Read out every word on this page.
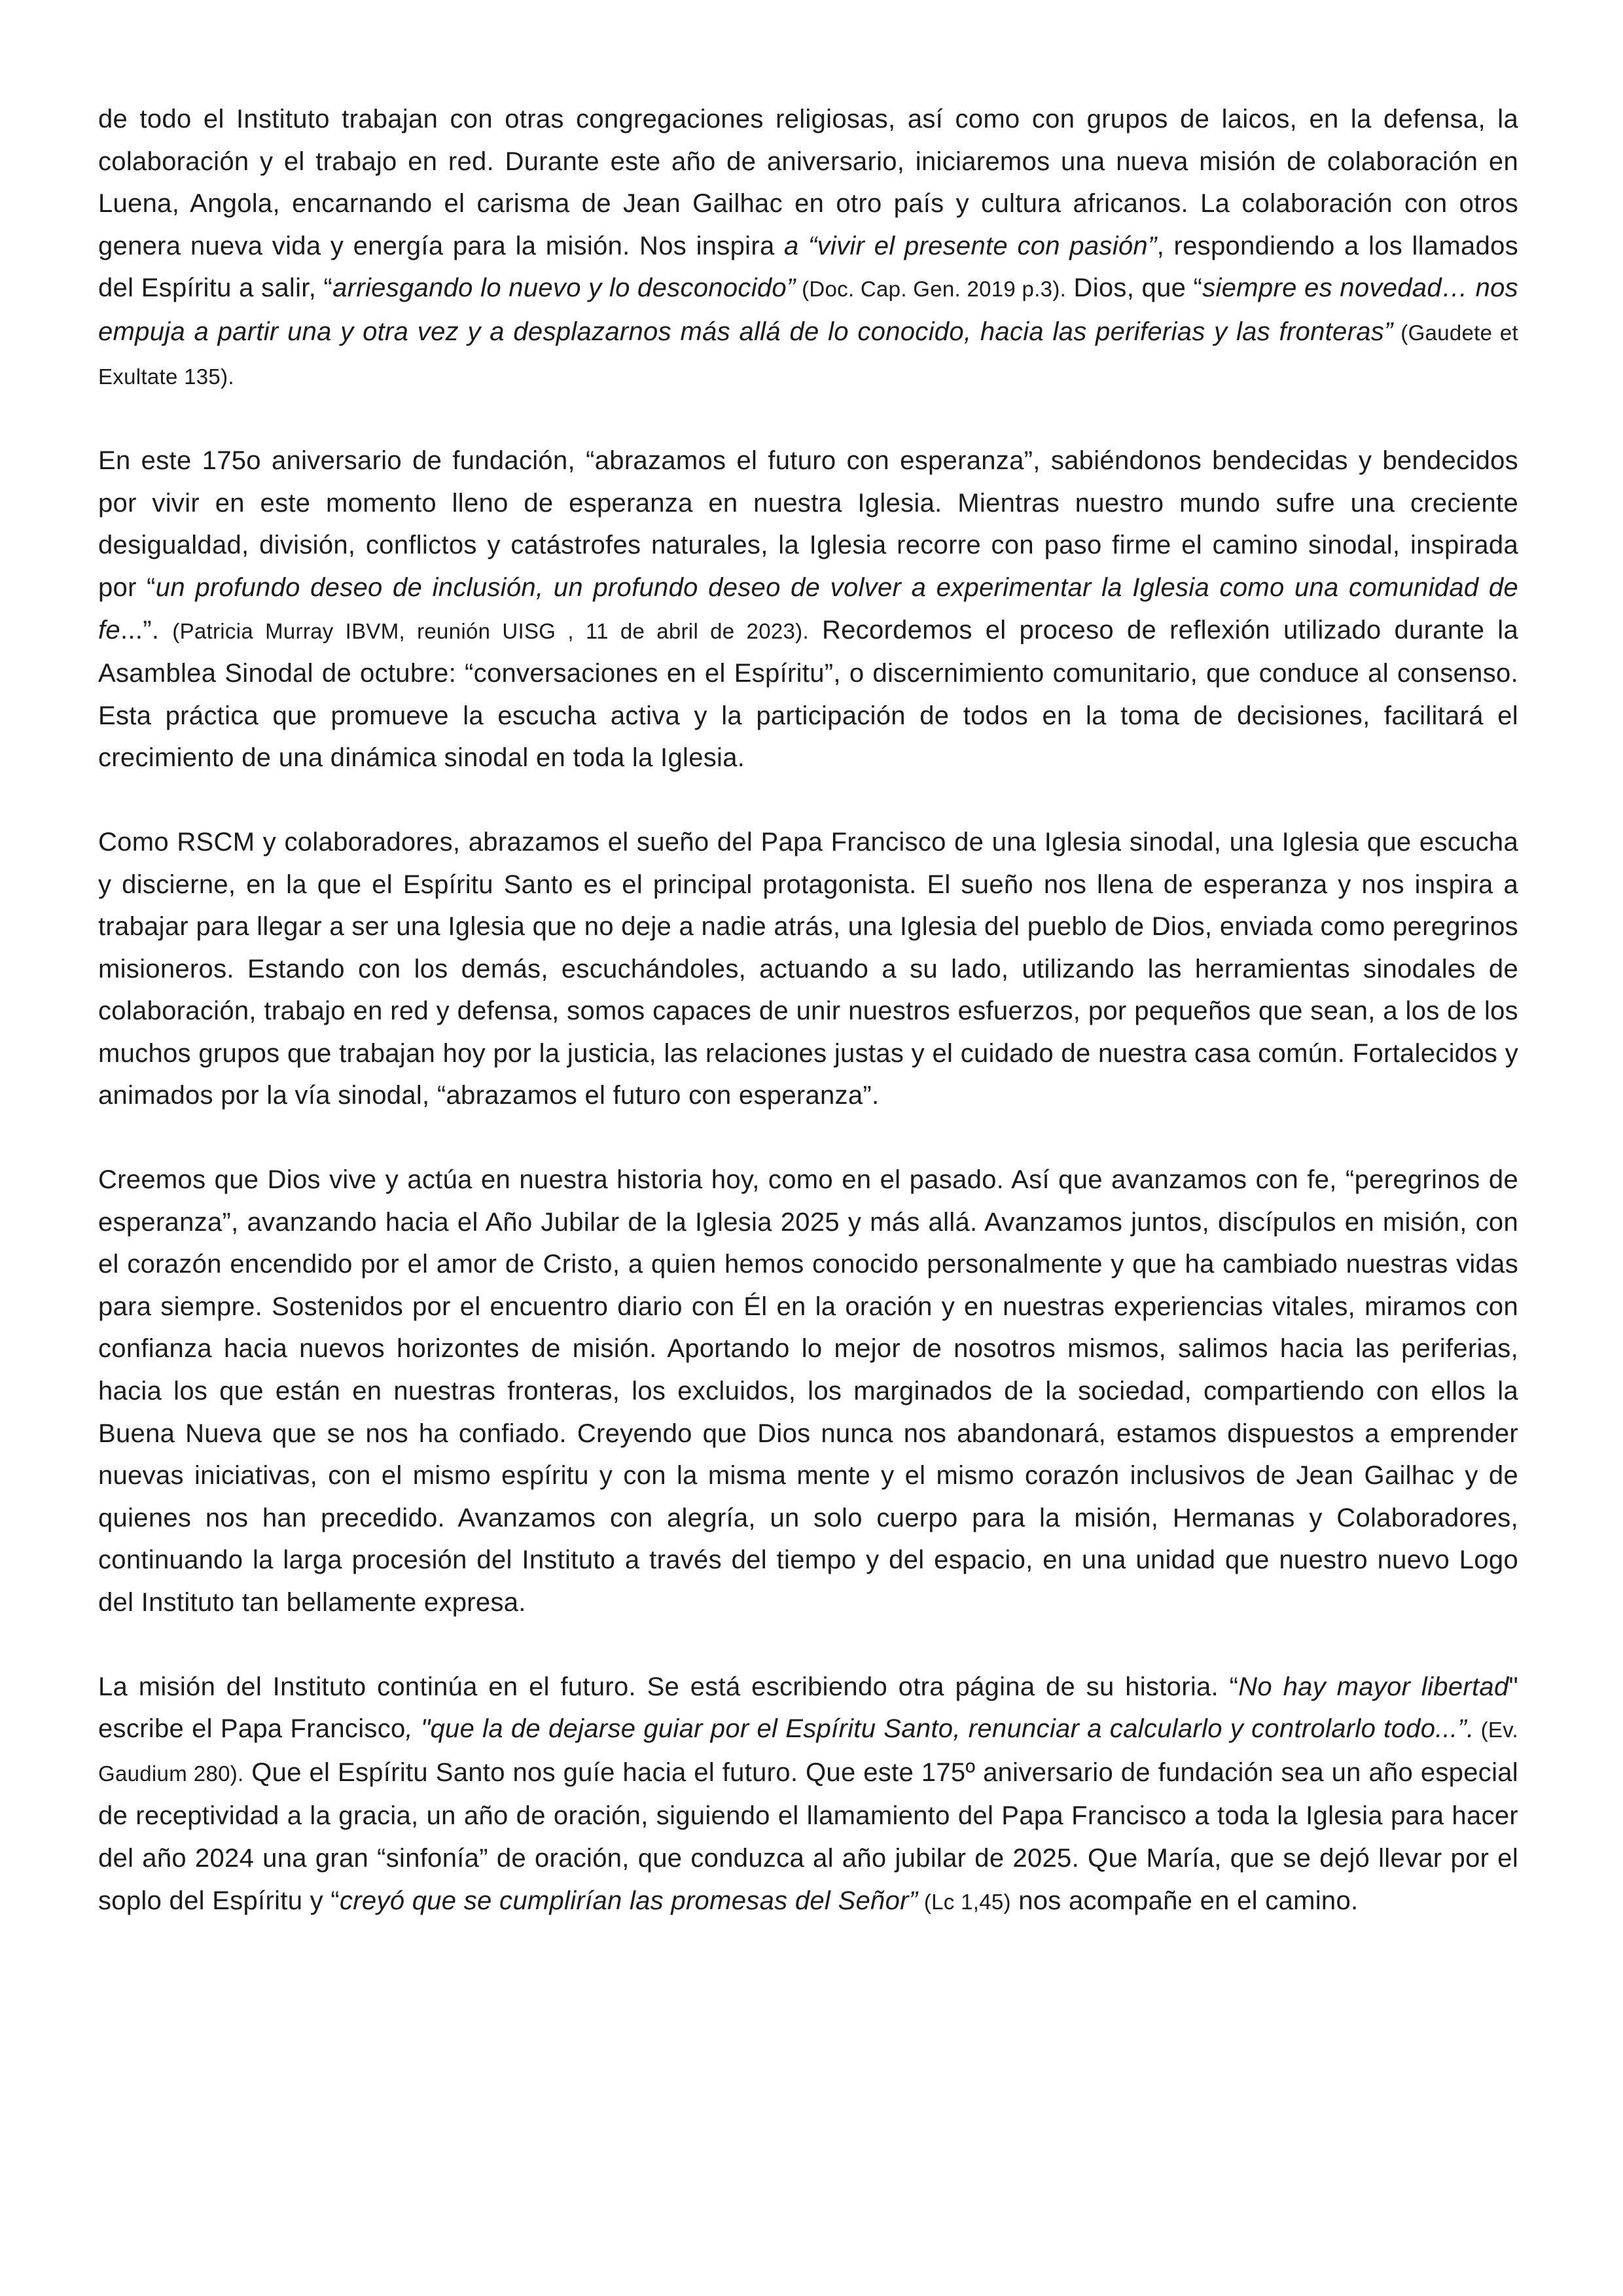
de todo el Instituto trabajan con otras congregaciones religiosas, así como con grupos de laicos, en la defensa, la colaboración y el trabajo en red. Durante este año de aniversario, iniciaremos una nueva misión de colaboración en Luena, Angola, encarnando el carisma de Jean Gailhac en otro país y cultura africanos. La colaboración con otros genera nueva vida y energía para la misión. Nos inspira a “vivir el presente con pasión”, respondiendo a los llamados del Espíritu a salir, “arriesgando lo nuevo y lo desconocido” (Doc. Cap. Gen. 2019 p.3). Dios, que “siempre es novedad… nos empuja a partir una y otra vez y a desplazarnos más allá de lo conocido, hacia las periferias y las fronteras” (Gaudete et Exultate 135).

En este 175o aniversario de fundación, “abrazamos el futuro con esperanza”, sabiéndonos bendecidas y bendecidos por vivir en este momento lleno de esperanza en nuestra Iglesia. Mientras nuestro mundo sufre una creciente desigualdad, división, conflictos y catástrofes naturales, la Iglesia recorre con paso firme el camino sinodal, inspirada por “un profundo deseo de inclusión, un profundo deseo de volver a experimentar la Iglesia como una comunidad de fe...”. (Patricia Murray IBVM, reunión UISG , 11 de abril de 2023). Recordemos el proceso de reflexión utilizado durante la Asamblea Sinodal de octubre: “conversaciones en el Espíritu”, o discernimiento comunitario, que conduce al consenso. Esta práctica que promueve la escucha activa y la participación de todos en la toma de decisiones, facilitará el crecimiento de una dinámica sinodal en toda la Iglesia.

Como RSCM y colaboradores, abrazamos el sueño del Papa Francisco de una Iglesia sinodal, una Iglesia que escucha y discierne, en la que el Espíritu Santo es el principal protagonista. El sueño nos llena de esperanza y nos inspira a trabajar para llegar a ser una Iglesia que no deje a nadie atrás, una Iglesia del pueblo de Dios, enviada como peregrinos misioneros. Estando con los demás, escuchándoles, actuando a su lado, utilizando las herramientas sinodales de colaboración, trabajo en red y defensa, somos capaces de unir nuestros esfuerzos, por pequeños que sean, a los de los muchos grupos que trabajan hoy por la justicia, las relaciones justas y el cuidado de nuestra casa común. Fortalecidos y animados por la vía sinodal, “abrazamos el futuro con esperanza”.

Creemos que Dios vive y actúa en nuestra historia hoy, como en el pasado. Así que avanzamos con fe, “peregrinos de esperanza”, avanzando hacia el Año Jubilar de la Iglesia 2025 y más allá. Avanzamos juntos, discípulos en misión, con el corazón encendido por el amor de Cristo, a quien hemos conocido personalmente y que ha cambiado nuestras vidas para siempre. Sostenidos por el encuentro diario con Él en la oración y en nuestras experiencias vitales, miramos con confianza hacia nuevos horizontes de misión. Aportando lo mejor de nosotros mismos, salimos hacia las periferias, hacia los que están en nuestras fronteras, los excluidos, los marginados de la sociedad, compartiendo con ellos la Buena Nueva que se nos ha confiado. Creyendo que Dios nunca nos abandonará, estamos dispuestos a emprender nuevas iniciativas, con el mismo espíritu y con la misma mente y el mismo corazón inclusivos de Jean Gailhac y de quienes nos han precedido. Avanzamos con alegría, un solo cuerpo para la misión, Hermanas y Colaboradores, continuando la larga procesión del Instituto a través del tiempo y del espacio, en una unidad que nuestro nuevo Logo del Instituto tan bellamente expresa.

La misión del Instituto continúa en el futuro. Se está escribiendo otra página de su historia. “No hay mayor libertad" escribe el Papa Francisco, "que la de dejarse guiar por el Espíritu Santo, renunciar a calcularlo y controlarlo todo...”. (Ev. Gaudium 280). Que el Espíritu Santo nos guíe hacia el futuro. Que este 175º aniversario de fundación sea un año especial de receptividad a la gracia, un año de oración, siguiendo el llamamiento del Papa Francisco a toda la Iglesia para hacer del año 2024 una gran “sinfonía” de oración, que conduzca al año jubilar de 2025. Que María, que se dejó llevar por el soplo del Espíritu y “creyó que se cumplirían las promesas del Señor” (Lc 1,45) nos acompañe en el camino.
